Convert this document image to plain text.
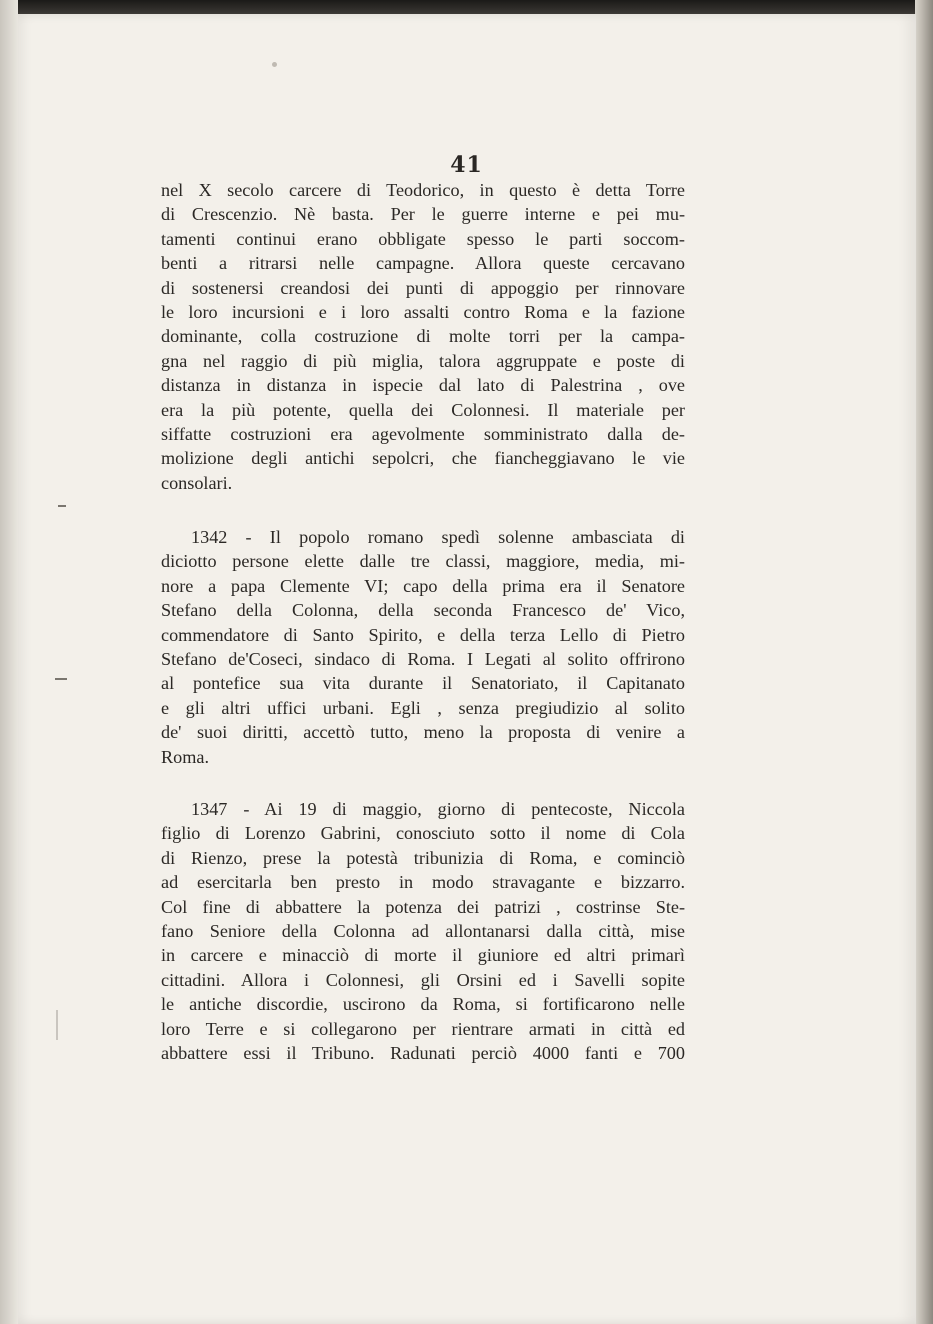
41
nel X secolo carcere di Teodorico, in questo è detta Torre
di Crescenzio. Nè basta. Per le guerre interne e pei mu-
tamenti continui erano obbligate spesso le parti soccom-
benti a ritrarsi nelle campagne. Allora queste cercavano
di sostenersi creandosi dei punti di appoggio per rinnovare
le loro incursioni e i loro assalti contro Roma e la fazione
dominante, colla costruzione di molte torri per la campa-
gna nel raggio di più miglia, talora aggruppate e poste di
distanza in distanza in ispecie dal lato di Palestrina , ove
era la più potente, quella dei Colonnesi. Il materiale per
siffatte costruzioni era agevolmente somministrato dalla de-
molizione degli antichi sepolcri, che fiancheggiavano le vie
consolari.
1342 - Il popolo romano spedì solenne ambasciata di
diciotto persone elette dalle tre classi, maggiore, media, mi-
nore a papa Clemente VI; capo della prima era il Senatore
Stefano della Colonna, della seconda Francesco de' Vico,
commendatore di Santo Spirito, e della terza Lello di Pietro
Stefano de'Coseci, sindaco di Roma. I Legati al solito offrirono
al pontefice sua vita durante il Senatoriato, il Capitanato
e gli altri uffici urbani. Egli , senza pregiudizio al solito
de' suoi diritti, accettò tutto, meno la proposta di venire a
Roma.
1347 - Ai 19 di maggio, giorno di pentecoste, Niccola
figlio di Lorenzo Gabrini, conosciuto sotto il nome di Cola
di Rienzo, prese la potestà tribunizia di Roma, e cominciò
ad esercitarla ben presto in modo stravagante e bizzarro.
Col fine di abbattere la potenza dei patrizi , costrinse Ste-
fano Seniore della Colonna ad allontanarsi dalla città, mise
in carcere e minacciò di morte il giuniore ed altri primarì
cittadini. Allora i Colonnesi, gli Orsini ed i Savelli sopite
le antiche discordie, uscirono da Roma, si fortificarono nelle
loro Terre e si collegarono per rientrare armati in città ed
abbattere essi il Tribuno. Radunati perciò 4000 fanti e 700
